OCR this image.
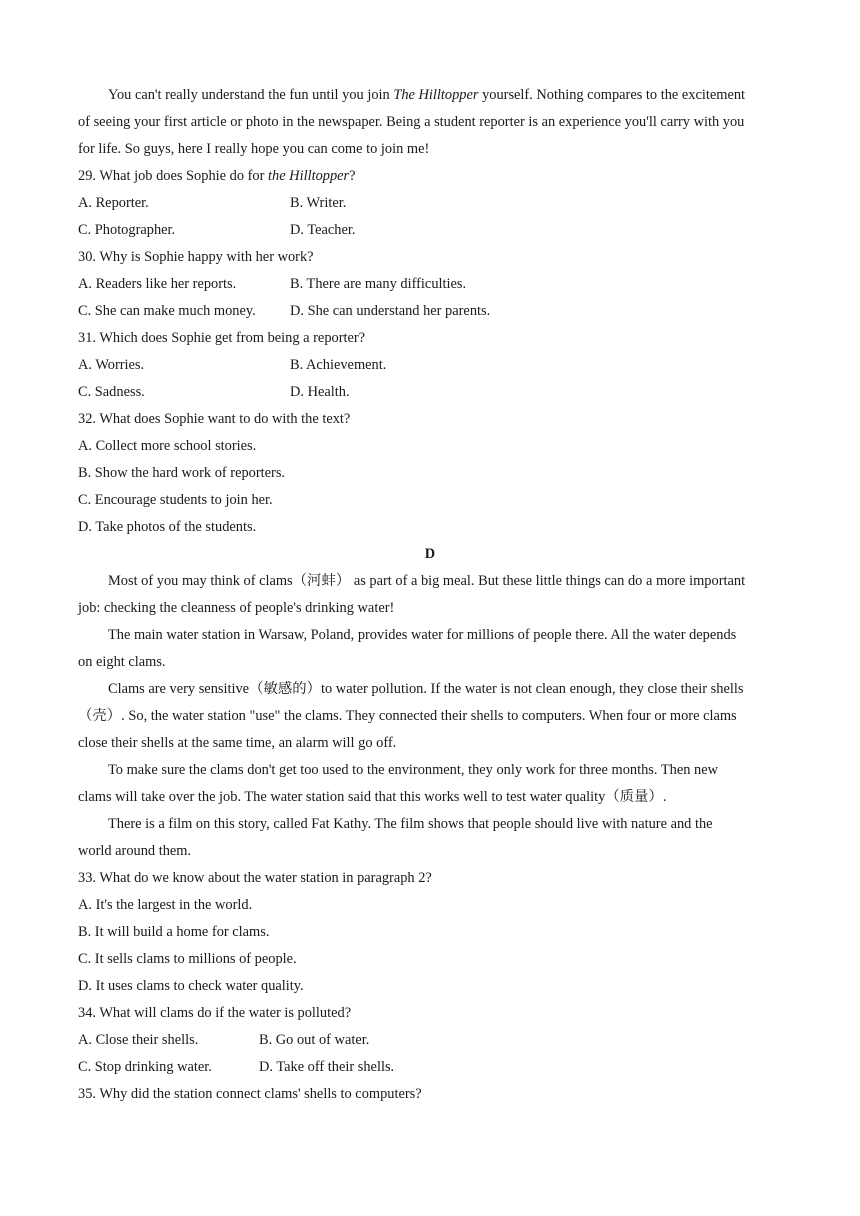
You can't really understand the fun until you join The Hilltopper yourself. Nothing compares to the excitement
of seeing your first article or photo in the newspaper. Being a student reporter is an experience you'll carry with you
for life. So guys, here I really hope you can come to join me!
29. What job does Sophie do for the Hilltopper?
A. Reporter.	B. Writer.
C. Photographer.	D. Teacher.
30. Why is Sophie happy with her work?
A. Readers like her reports.	B. There are many difficulties.
C. She can make much money. D. She can understand her parents.
31. Which does Sophie get from being a reporter?
A. Worries.	B. Achievement.
C. Sadness.	D. Health.
32. What does Sophie want to do with the text?
A. Collect more school stories.
B. Show the hard work of reporters.
C. Encourage students to join her.
D. Take photos of the students.
D
Most of you may think of clams（河蚌） as part of a big meal. But these little things can do a more important
job: checking the cleanness of people's drinking water!
The main water station in Warsaw, Poland, provides water for millions of people there. All the water depends
on eight clams.
Clams are very sensitive（敏感的）to water pollution. If the water is not clean enough, they close their shells
（壳）. So, the water station "use" the clams. They connected their shells to computers. When four or more clams
close their shells at the same time, an alarm will go off.
To make sure the clams don't get too used to the environment, they only work for three months. Then new
clams will take over the job. The water station said that this works well to test water quality（质量）.
There is a film on this story, called Fat Kathy. The film shows that people should live with nature and the
world around them.
33. What do we know about the water station in paragraph 2?
A. It's the largest in the world.
B. It will build a home for clams.
C. It sells clams to millions of people.
D. It uses clams to check water quality.
34. What will clams do if the water is polluted?
A. Close their shells.	B. Go out of water.
C. Stop drinking water.	D. Take off their shells.
35. Why did the station connect clams' shells to computers?
